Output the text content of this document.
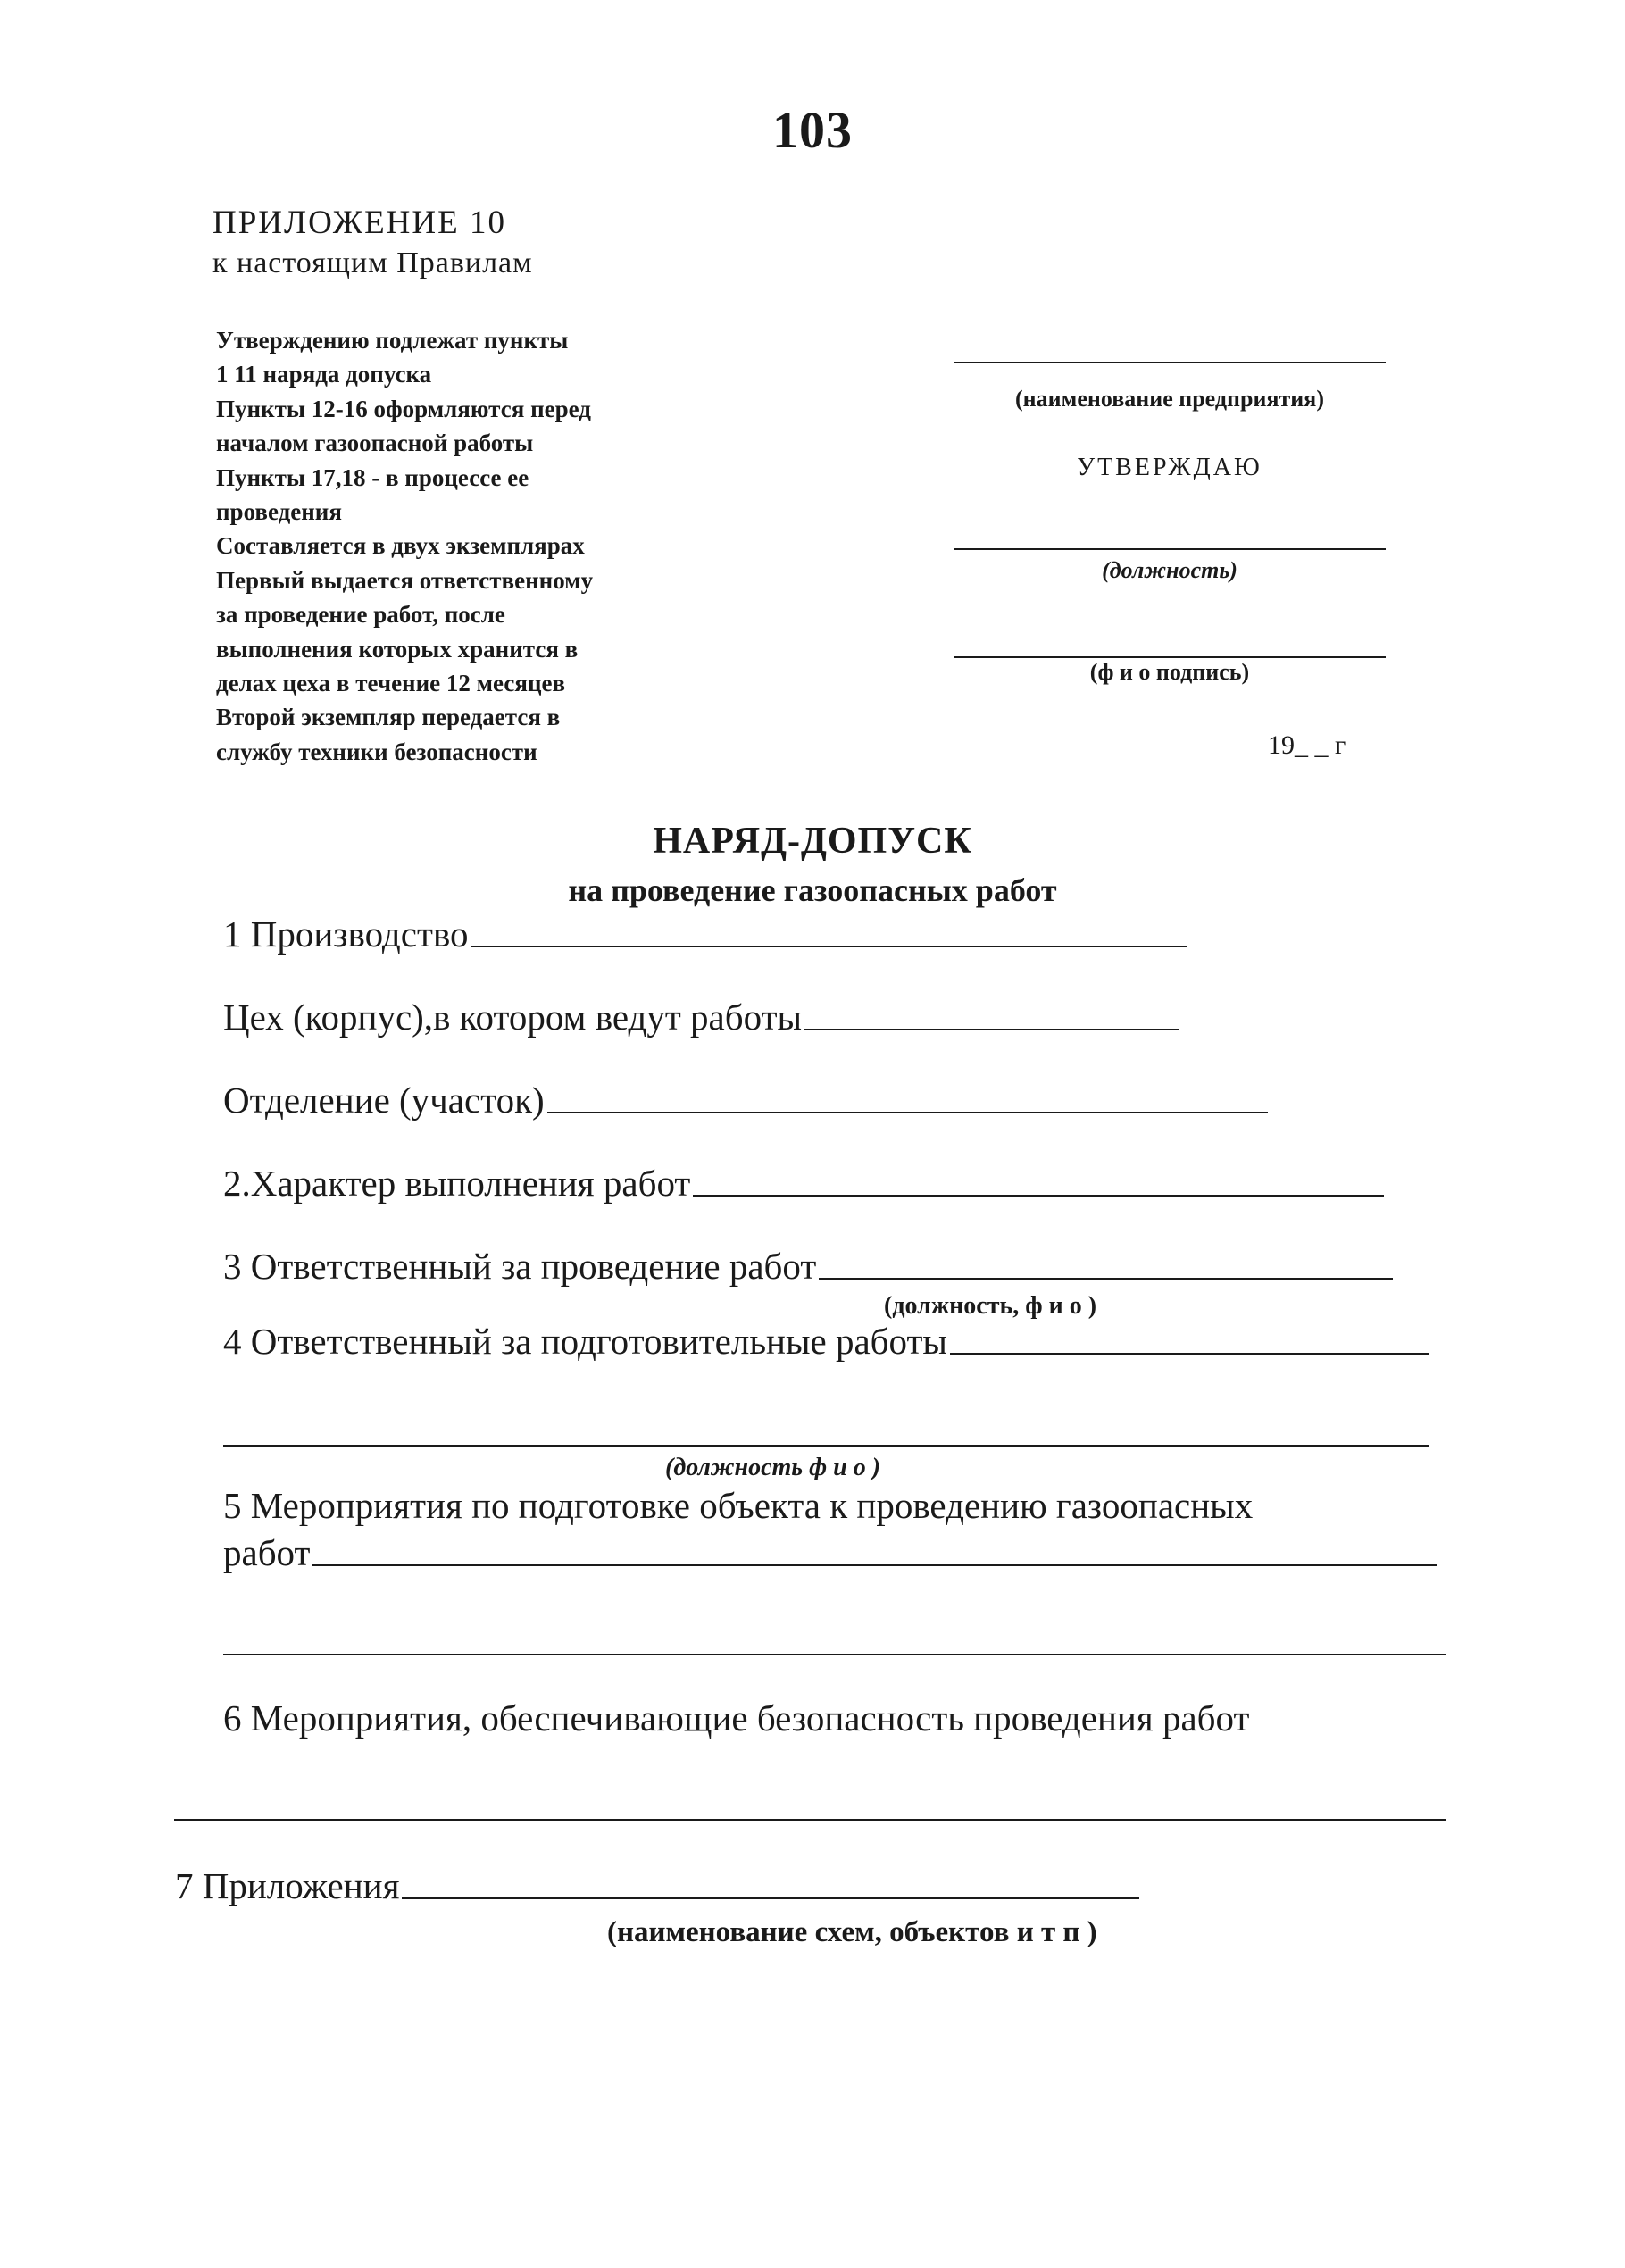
103
ПРИЛОЖЕНИЕ 10
к настоящим Правилам
Утверждению подлежат пункты
1 11 наряда допуска
Пункты 12-16 оформляются перед
началом газоопасной работы
Пункты 17,18 - в процессе ее
проведения
Составляется в двух экземплярах
Первый выдается ответственному
за проведение работ, после
выполнения которых хранится в
делах цеха в течение 12 месяцев
Второй экземпляр передается в
службу техники безопасности
(наименование предприятия)
УТВЕРЖДАЮ
(должность)
(ф и о подпись)
19_ _ г
НАРЯД-ДОПУСК
на проведение газоопасных работ
1 Производство
Цех (корпус),в котором ведут работы
Отделение (участок)
2.Характер выполнения работ
3 Ответственный за проведение работ
(должность, ф и о )
4 Ответственный за подготовительные работы
(должность ф и о )
5 Мероприятия по подготовке объекта к проведению газоопасных
работ
6 Мероприятия, обеспечивающие безопасность проведения работ
7 Приложения
(наименование схем, объектов и т п )
